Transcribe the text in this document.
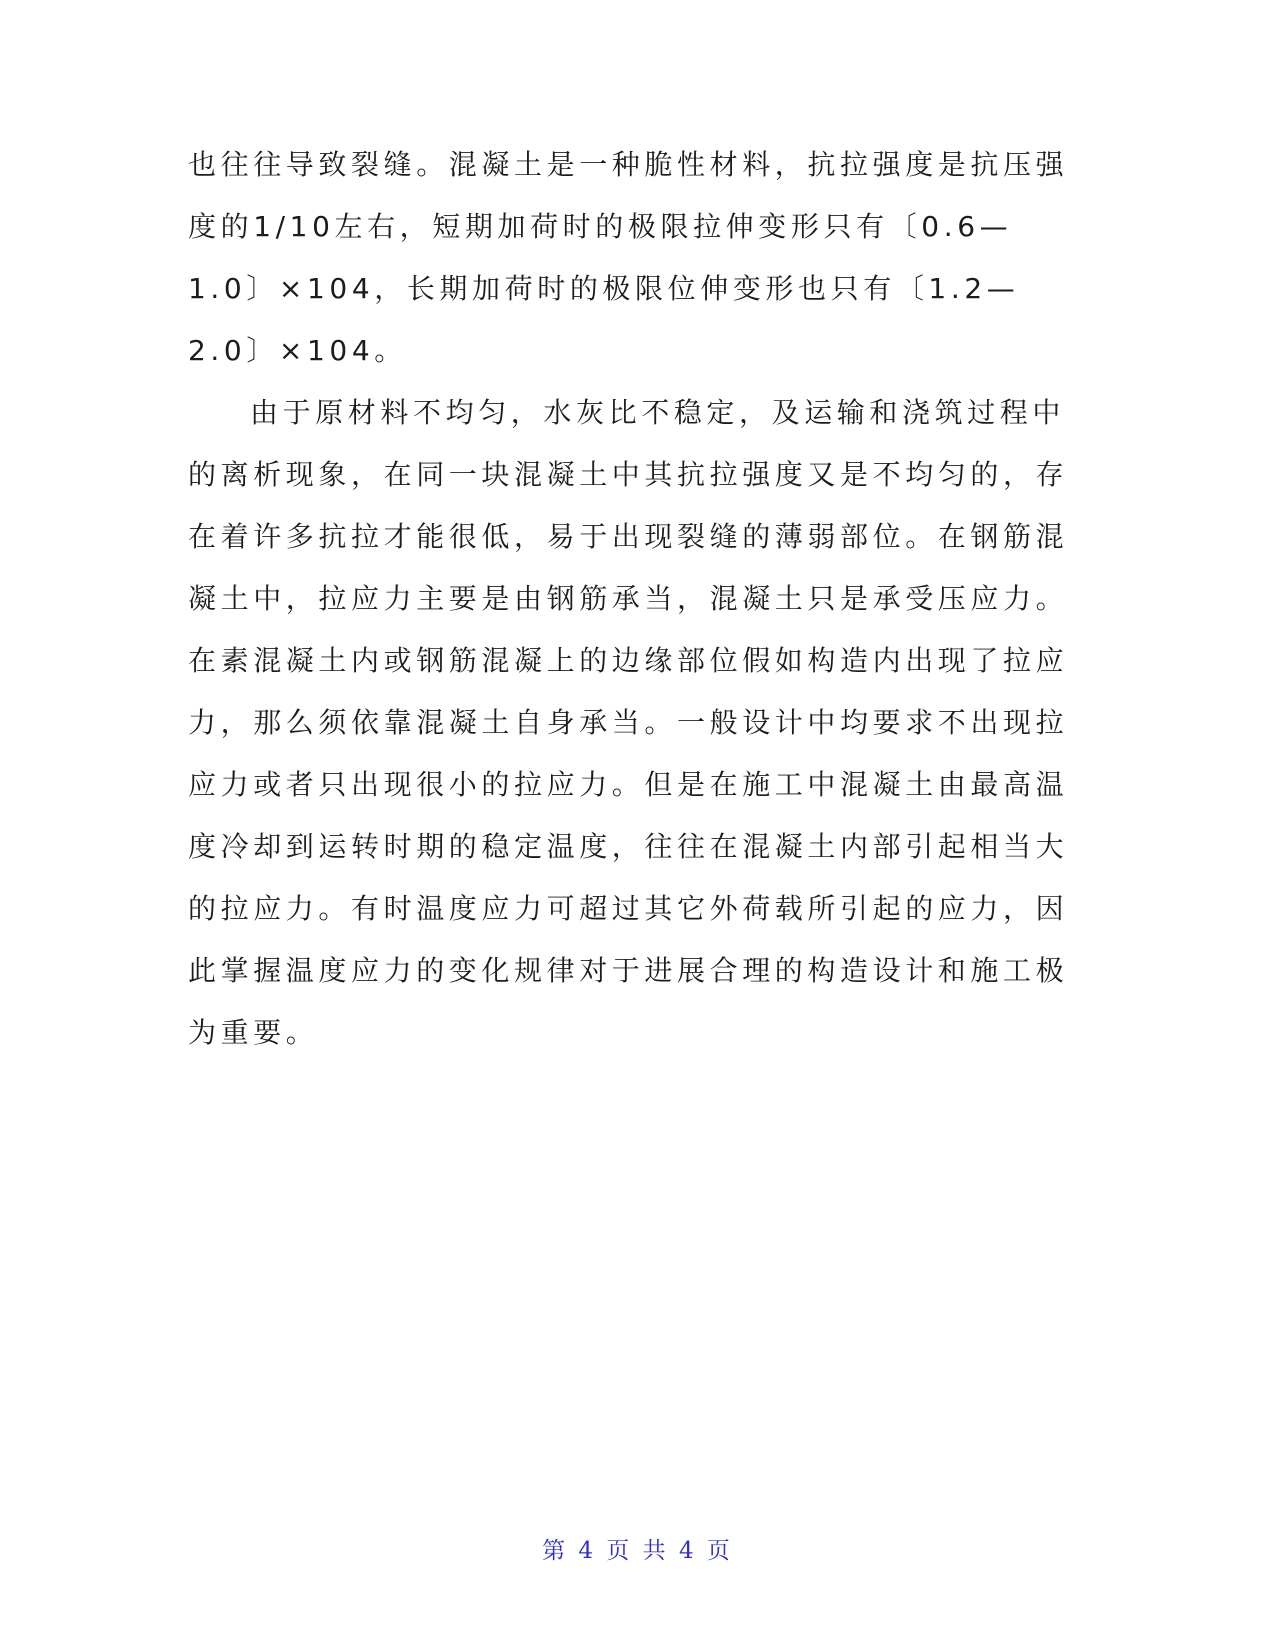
也往往导致裂缝。混凝土是一种脆性材料，抗拉强度是抗压强
度的1/10左右，短期加荷时的极限拉伸变形只有〔0.6—
1.0〕×104，长期加荷时的极限位伸变形也只有〔1.2—
2.0〕×104。
由于原材料不均匀，水灰比不稳定，及运输和浇筑过程中
的离析现象，在同一块混凝土中其抗拉强度又是不均匀的，存
在着许多抗拉才能很低，易于出现裂缝的薄弱部位。在钢筋混
凝土中，拉应力主要是由钢筋承当，混凝土只是承受压应力。
在素混凝土内或钢筋混凝上的边缘部位假如构造内出现了拉应
力，那么须依靠混凝土自身承当。一般设计中均要求不出现拉
应力或者只出现很小的拉应力。但是在施工中混凝土由最高温
度冷却到运转时期的稳定温度，往往在混凝土内部引起相当大
的拉应力。有时温度应力可超过其它外荷载所引起的应力，因
此掌握温度应力的变化规律对于进展合理的构造设计和施工极
为重要。
第 4 页 共 4 页
